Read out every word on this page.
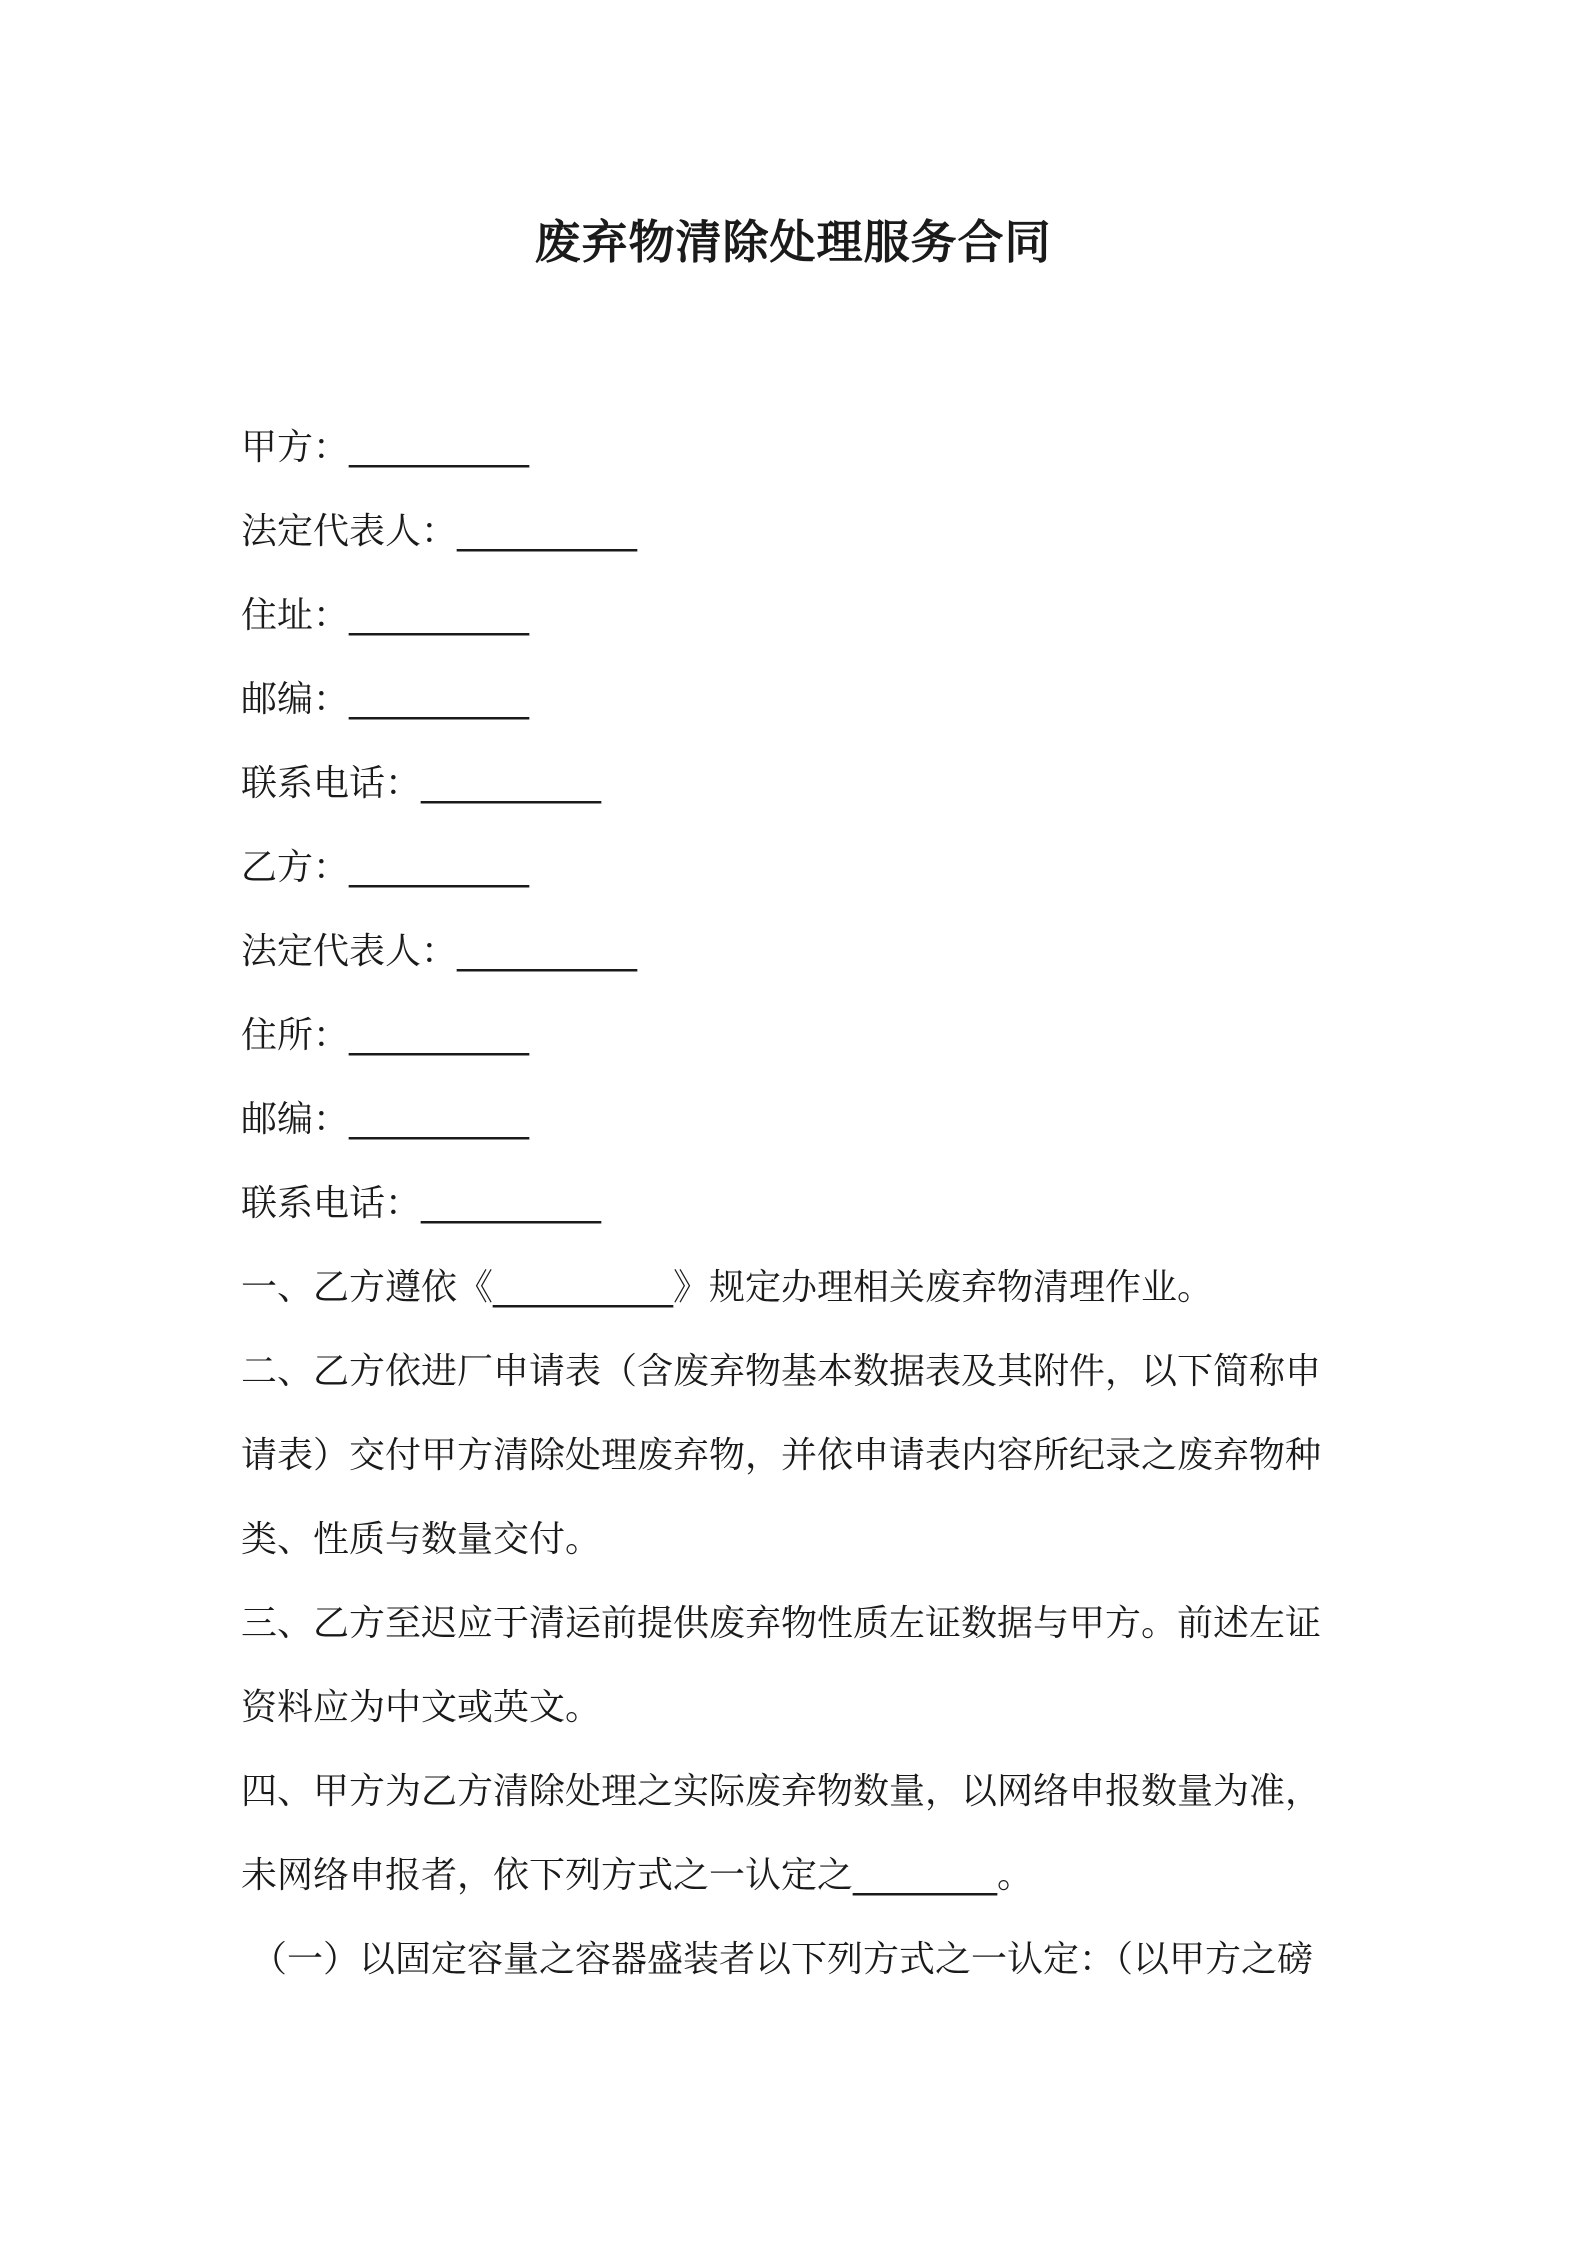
废弃物清除处理服务合同

甲方：__________

法定代表人：__________

住址：__________

邮编：__________

联系电话：__________

乙方：__________

法定代表人：__________

住所：__________

邮编：__________

联系电话：__________

一、乙方遵依《__________》规定办理相关废弃物清理作业。

二、乙方依进厂申请表（含废弃物基本数据表及其附件，以下简称申
请表）交付甲方清除处理废弃物，并依申请表内容所纪录之废弃物种
类、性质与数量交付。
三、乙方至迟应于清运前提供废弃物性质左证数据与甲方。前述左证
资料应为中文或英文。
四、甲方为乙方清除处理之实际废弃物数量，以网络申报数量为准，
未网络申报者，依下列方式之一认定之________。

（一）以固定容量之容器盛装者以下列方式之一认定：（以甲方之磅
